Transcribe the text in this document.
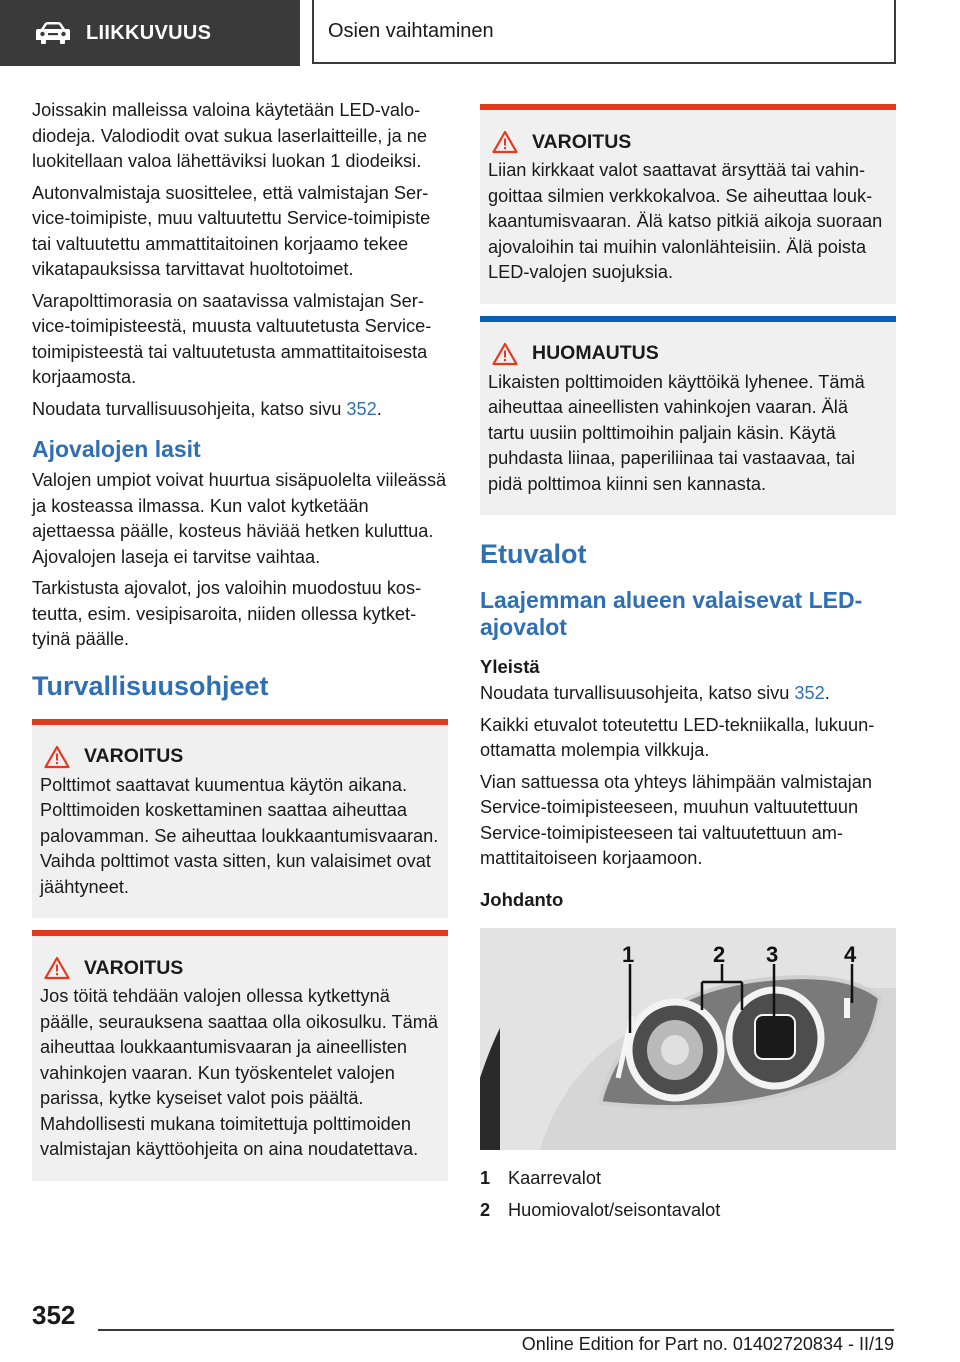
LIIKKUVUUS	Osien vaihtaminen

Joissakin malleissa valoina käytetään LED-valodiodeja. Valodiodit ovat sukua laserlaitteille, ja ne luokitellaan valoa lähettäviksi luokan 1 diodeiksi.

Autonvalmistaja suosittelee, että valmistajan Service-toimipiste, muu valtuutettu Service-toimipiste tai valtuutettu ammattitaitoinen korjaamo tekee vikatapauksissa tarvittavat huoltotoimet.

Varapolttimorasia on saatavissa valmistajan Service-toimipisteestä, muusta valtuutetusta Service-toimipisteestä tai valtuutetusta ammattitaitoisesta korjaamosta.

Noudata turvallisuusohjeita, katso sivu 352.

Ajovalojen lasit

Valojen umpiot voivat huurtua sisäpuolelta viileässä ja kosteassa ilmassa. Kun valot kytketään ajettaessa päälle, kosteus häviää hetken kuluttua. Ajovalojen laseja ei tarvitse vaihtaa.

Tarkistusta ajovalot, jos valoihin muodostuu kosteutta, esim. vesipisaroita, niiden ollessa kytkettyinä päälle.

Turvallisuusohjeet
VAROITUS

Polttimot saattavat kuumentua käytön aikana. Polttimoiden koskettaminen saattaa aiheuttaa palovamman. Se aiheuttaa loukkaantumisvaaran. Vaihda polttimot vasta sitten, kun valaisimet ovat jäähtyneet.

VAROITUS

Jos töitä tehdään valojen ollessa kytkettynä päälle, seurauksena saattaa olla oikosulku. Tämä aiheuttaa loukkaantumisvaaran ja aineellisten vahinkojen vaaran. Kun työskentelet valojen parissa, kytke kyseiset valot pois päältä. Mahdollisesti mukana toimitettuja polttimoiden valmistajan käyttöohjeita on aina noudatettava.

VAROITUS

Liian kirkkaat valot saattavat ärsyttää tai vahingoittaa silmien verkkokalvoa. Se aiheuttaa loukkaantumisvaaran. Älä katso pitkiä aikoja suoraan ajovaloihin tai muihin valonlähteisiin. Älä poista LED-valojen suojuksia.

HUOMAUTUS

Likaisten polttimoiden käyttöikä lyhenee. Tämä aiheuttaa aineellisten vahinkojen vaaran. Älä tartu uusiin polttimoihin paljain käsin. Käytä puhdasta liinaa, paperiliinaa tai vastaavaa, tai pidä polttimoa kiinni sen kannasta.

Etuvalot
Laajemman alueen valaisevat LED-ajovalot
Yleistä

Noudata turvallisuusohjeita, katso sivu 352.

Kaikki etuvalot toteutettu LED-tekniikalla, lukuunottamatta molempia vilkkuja.

Vian sattuessa ota yhteys lähimpään valmistajan Service-toimipisteeseen, muuhun valtuutettuun Service-toimipisteeseen tai valtuutettuun ammattitaitoiseen korjaamoon.

Johdanto
1	2 3	4
1 Kaarrevalot
2 Huomiovalot/seisontavalot
352
Online Edition for Part no. 01402720834 - II/19
